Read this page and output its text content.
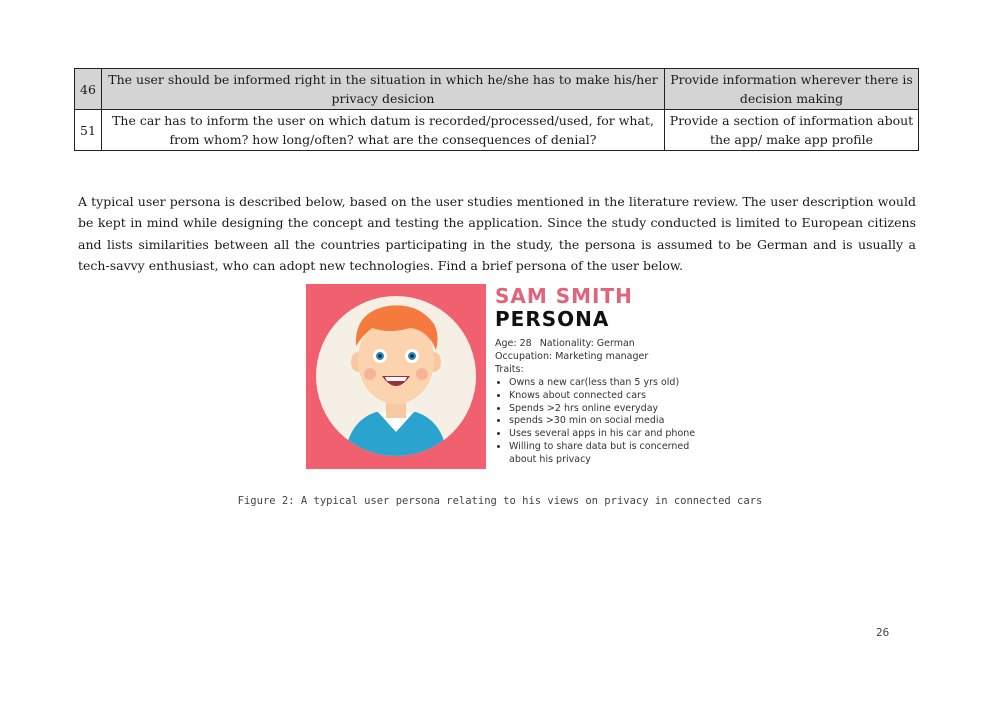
46	The user should be informed right in the situation in which he/she has to make his/her privacy desicion	Provide information wherever there is decision making
51	The car has to inform the user on which datum is recorded/processed/used, for what, from whom? how long/often? what are the consequences of denial?	Provide a section of information about the app/ make app profile

A typical user persona is described below, based on the user studies mentioned in the literature review. The user description would be kept in mind while designing the concept and testing the application. Since the study conducted is limited to European citizens and lists similarities between all the countries participating in the study, the persona is assumed to be German and is usually a tech-savvy enthusiast, who can adopt new technologies. Find a brief persona of the user below.

SAM SMITH
PERSONA
Age: 28 Nationality: German
Occupation: Marketing manager
Traits:
• Owns a new car(less than 5 yrs old)
• Knows about connected cars
• Spends >2 hrs online everyday
• spends >30 min on social media
• Uses several apps in his car and phone
• Willing to share data but is concerned
about his privacy
Figure 2: A typical user persona relating to his views on privacy in connected cars
26
